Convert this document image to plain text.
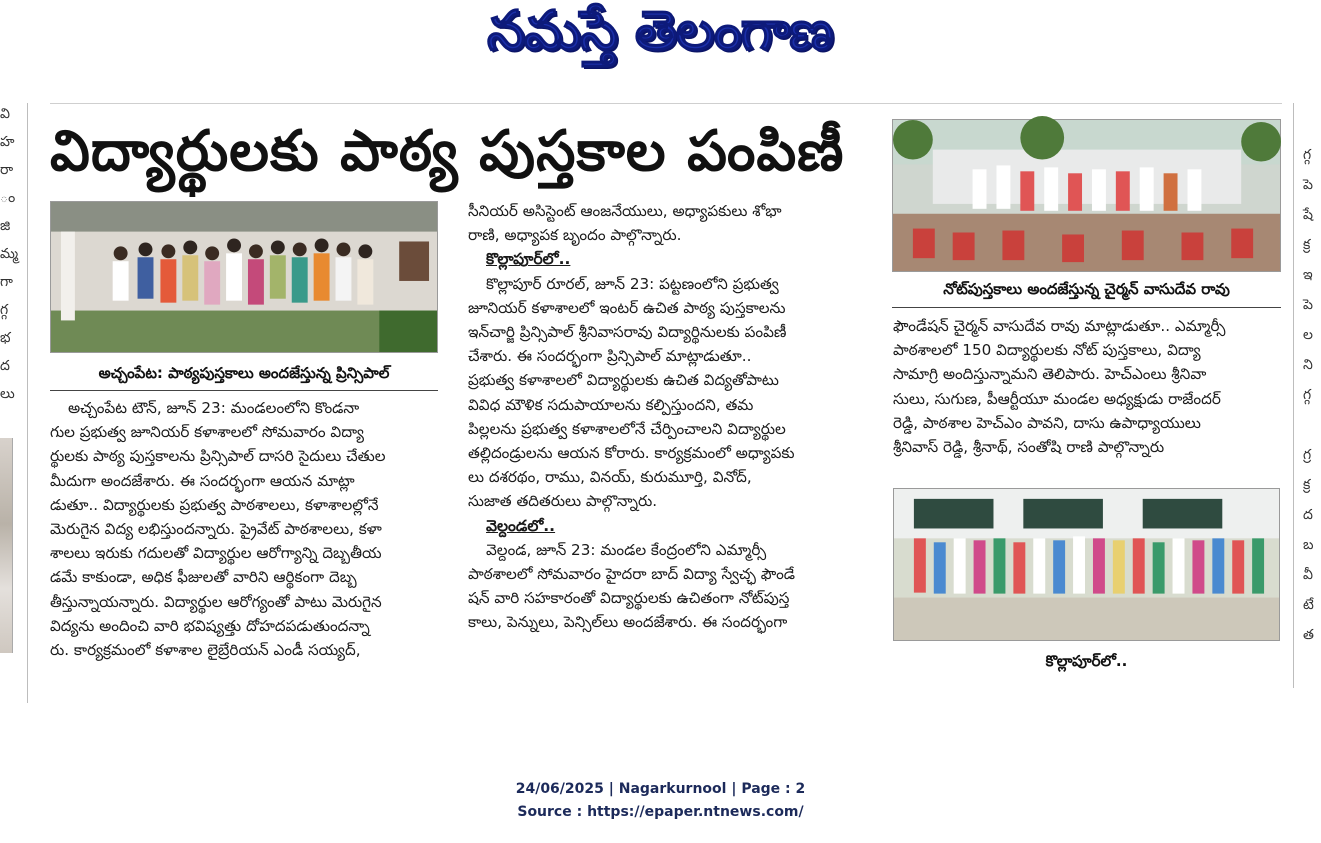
నమస్తే తెలంగాణ
వి
హ
రా
ం
జి
మ్మ
గా
గ్గ
భ
ద
లు
గ్గ
పె
షే
క్ర
ఇ
పె
ల
ని
గ్గ
గ్ర
క్ర
ద
బ
వీ
టే
త
విద్యార్థులకు పాఠ్య పుస్తకాల పంపిణీ
అచ్చంపేట: పాఠ్యపుస్తకాలు అందజేస్తున్న ప్రిన్సిపాల్

అచ్చంపేట టౌన్, జూన్ 23: మండలంలోని కొండనా

గుల ప్రభుత్వ జూనియర్ కళాశాలలో సోమవారం విద్యా

ర్థులకు పాఠ్య పుస్తకాలను ప్రిన్సిపాల్ దాసరి సైదులు చేతుల

మీదుగా అందజేశారు. ఈ సందర్భంగా ఆయన మాట్లా

డుతూ.. విద్యార్థులకు ప్రభుత్వ పాఠశాలలు, కళాశాలల్లోనే

మెరుగైన విద్య లభిస్తుందన్నారు. ప్రైవేట్ పాఠశాలలు, కళా

శాలలు ఇరుకు గదులతో విద్యార్థుల ఆరోగ్యాన్ని దెబ్బతీయ

డమే కాకుండా, అధిక ఫీజులతో వారిని ఆర్థికంగా దెబ్బ

తీస్తున్నాయన్నారు. విద్యార్థుల ఆరోగ్యంతో పాటు మెరుగైన

విద్యను అందించి వారి భవిష్యత్తు దోహదపడుతుందన్నా

రు. కార్యక్రమంలో కళాశాల లైబ్రేరియన్ ఎండీ సయ్యద్,

సీనియర్ అసిస్టెంట్ ఆంజనేయులు, అధ్యాపకులు శోభా

రాణి, అధ్యాపక బృందం పాల్గొన్నారు.

కొల్లాపూర్‌లో..

కొల్లాపూర్ రూరల్, జూన్ 23: పట్టణంలోని ప్రభుత్వ

జూనియర్ కళాశాలలో ఇంటర్ ఉచిత పాఠ్య పుస్తకాలను

ఇన్‌చార్జి ప్రిన్సిపాల్ శ్రీనివాసరావు విద్యార్థినులకు పంపిణీ

చేశారు. ఈ సందర్భంగా ప్రిన్సిపాల్ మాట్లాడుతూ..

ప్రభుత్వ కళాశాలలో విద్యార్థులకు ఉచిత విద్యతోపాటు

వివిధ మౌళిక సదుపాయాలను కల్పిస్తుందని, తమ

పిల్లలను ప్రభుత్వ కళాశాలలోనే చేర్పించాలని విద్యార్థుల

తల్లిదండ్రులను ఆయన కోరారు. కార్యక్రమంలో అధ్యాపకు

లు దశరథం, రాము, వినయ్, కురుమూర్తి, వినోద్,

సుజాత తదితరులు పాల్గొన్నారు.

వెల్దండలో..

వెల్దండ, జూన్ 23: మండల కేంద్రంలోని ఎమ్మార్సీ

పాఠశాలలో సోమవారం హైదరా బాద్ విద్యా స్వేచ్ఛ ఫౌండే

షన్ వారి సహకారంతో విద్యార్థులకు ఉచితంగా నోట్‌పుస్త

కాలు, పెన్నులు, పెన్సిల్‌లు అందజేశారు. ఈ సందర్భంగా

నోట్‌పుస్తకాలు అందజేస్తున్న చైర్మన్ వాసుదేవ రావు

ఫౌండేషన్ చైర్మన్ వాసుదేవ రావు మాట్లాడుతూ.. ఎమ్మార్సీ

పాఠశాలలో 150 విద్యార్థులకు నోట్ పుస్తకాలు, విద్యా

సామాగ్రి అందిస్తున్నామని తెలిపారు. హెచ్‌ఎంలు శ్రీనివా

సులు, సుగుణ, పీఆర్టీయూ మండల అధ్యక్షుడు రాజేందర్

రెడ్డి, పాఠశాల హెచ్‌ఎం పావని, దాసు ఉపాధ్యాయులు

శ్రీనివాస్ రెడ్డి, శ్రీనాథ్, సంతోషి రాణి పాల్గొన్నారు

కొల్లాపూర్‌లో..
24/06/2025 | Nagarkurnool | Page : 2
Source : https://epaper.ntnews.com/
